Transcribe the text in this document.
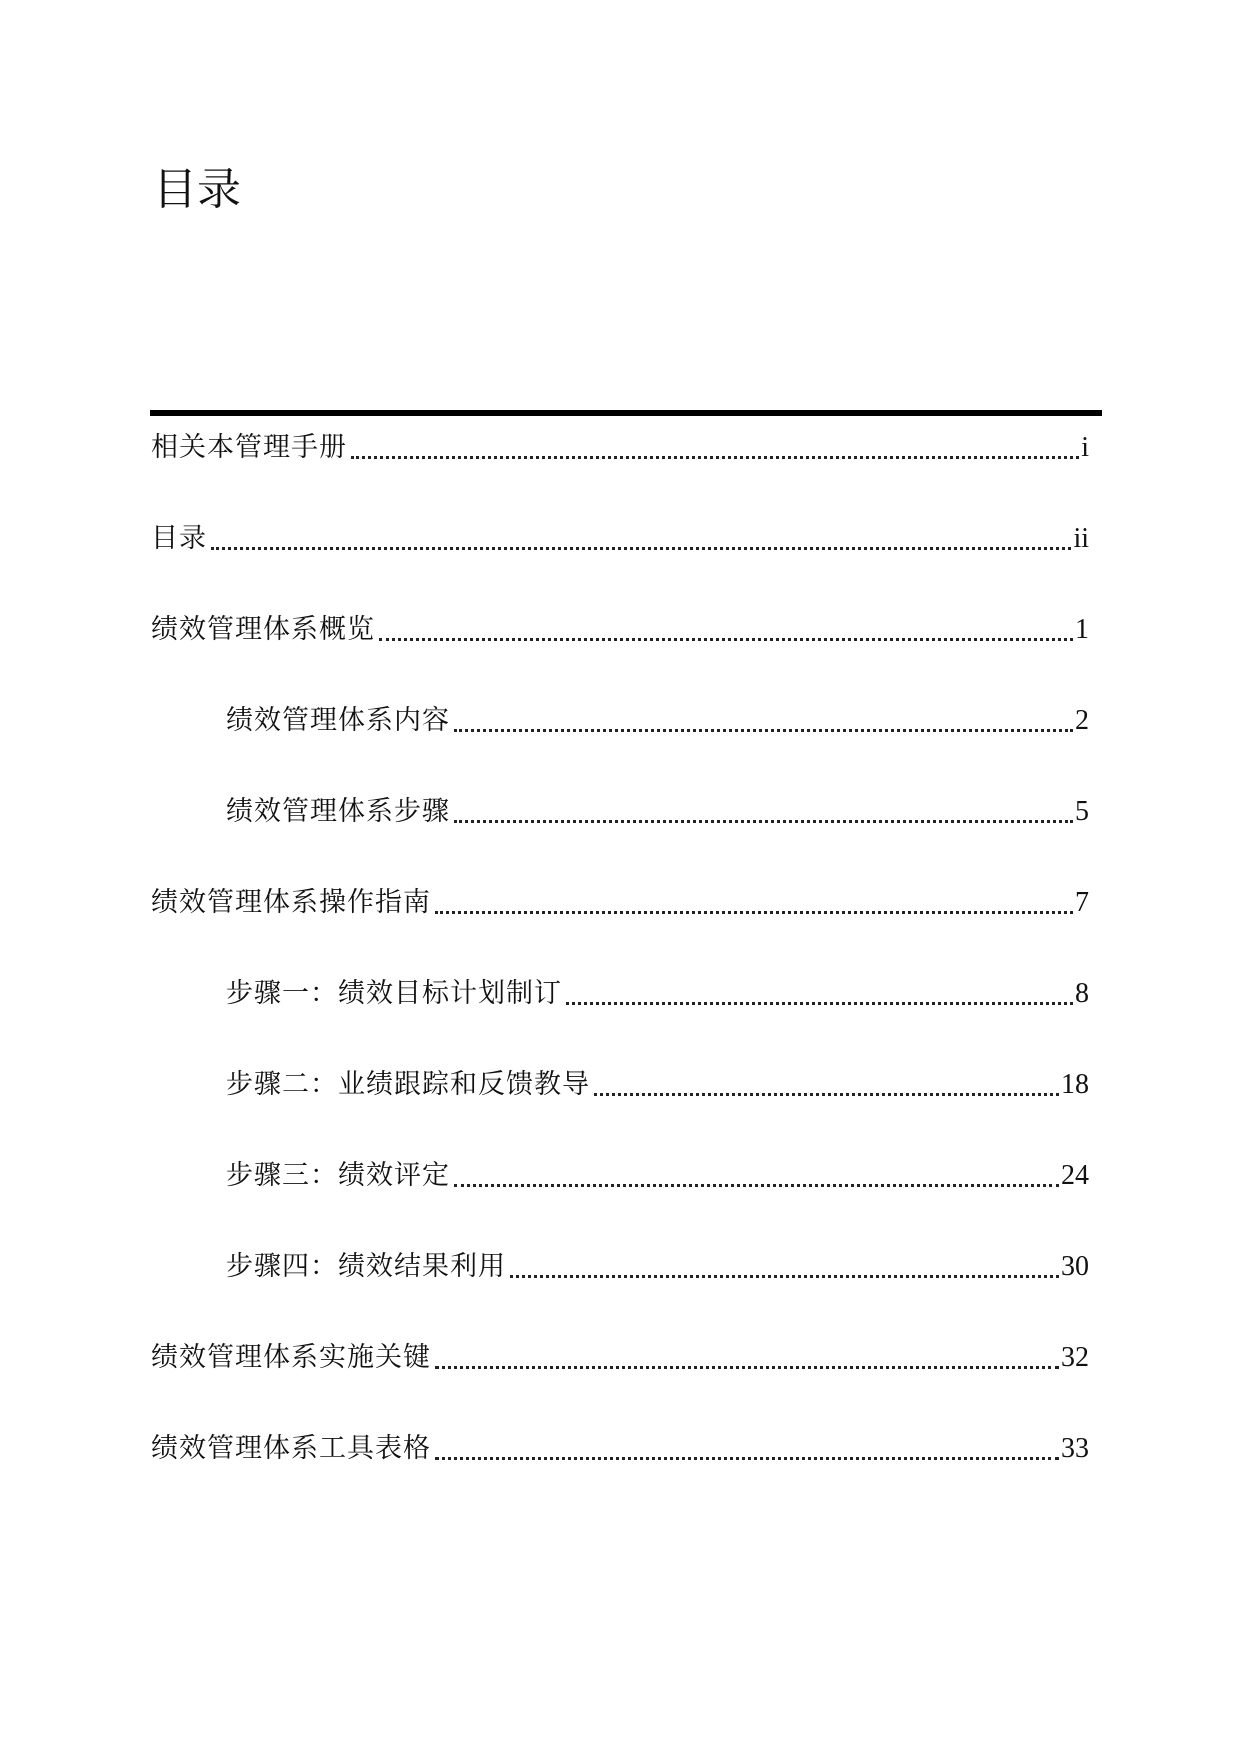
目录
相关本管理手册	i
目录	ii
绩效管理体系概览	1
绩效管理体系内容	2
绩效管理体系步骤	5
绩效管理体系操作指南	7
步骤一：绩效目标计划制订	8
步骤二：业绩跟踪和反馈教导	18
步骤三：绩效评定	24
步骤四：绩效结果利用	30
绩效管理体系实施关键	32
绩效管理体系工具表格	33
